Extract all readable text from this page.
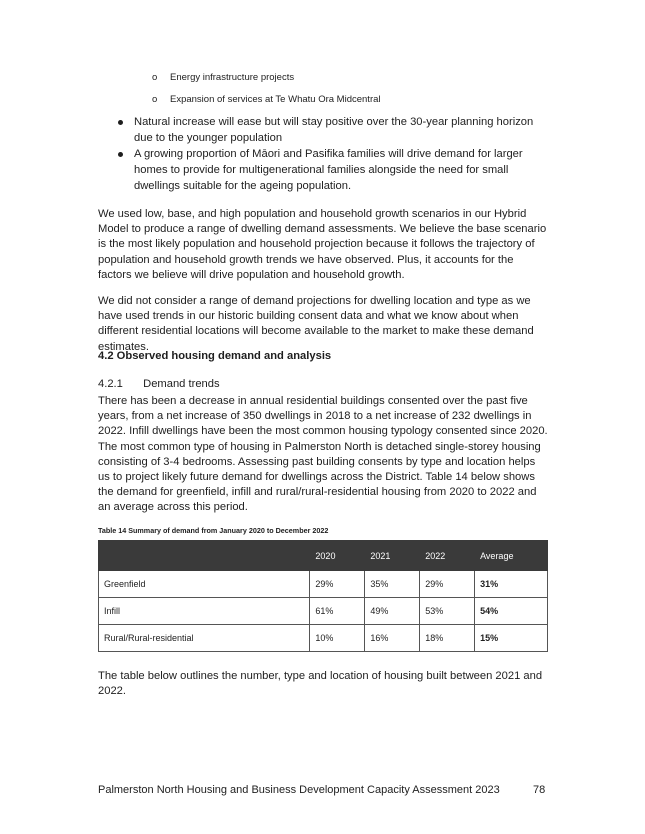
o Energy infrastructure projects
o Expansion of services at Te Whatu Ora Midcentral
Natural increase will ease but will stay positive over the 30-year planning horizon due to the younger population
A growing proportion of Māori and Pasifika families will drive demand for larger homes to provide for multigenerational families alongside the need for small dwellings suitable for the ageing population.

We used low, base, and high population and household growth scenarios in our Hybrid Model to produce a range of dwelling demand assessments. We believe the base scenario is the most likely population and household projection because it follows the trajectory of population and household growth trends we have observed. Plus, it accounts for the factors we believe will drive population and household growth.

We did not consider a range of demand projections for dwelling location and type as we have used trends in our historic building consent data and what we know about when different residential locations will become available to the market to make these demand estimates.

4.2 Observed housing demand and analysis
4.2.1 Demand trends

There has been a decrease in annual residential buildings consented over the past five years, from a net increase of 350 dwellings in 2018 to a net increase of 232 dwellings in 2022. Infill dwellings have been the most common housing typology consented since 2020. The most common type of housing in Palmerston North is detached single-storey housing consisting of 3-4 bedrooms. Assessing past building consents by type and location helps us to project likely future demand for dwellings across the District. Table 14 below shows the demand for greenfield, infill and rural/rural-residential housing from 2020 to 2022 and an average across this period.

Table 14 Summary of demand from January 2020 to December 2022
	2020	2021	2022	Average
Greenfield	29%	35%	29%	31%
Infill	61%	49%	53%	54%
Rural/Rural-residential	10%	16%	18%	15%

The table below outlines the number, type and location of housing built between 2021 and 2022.

Palmerston North Housing and Business Development Capacity Assessment 2023	78
